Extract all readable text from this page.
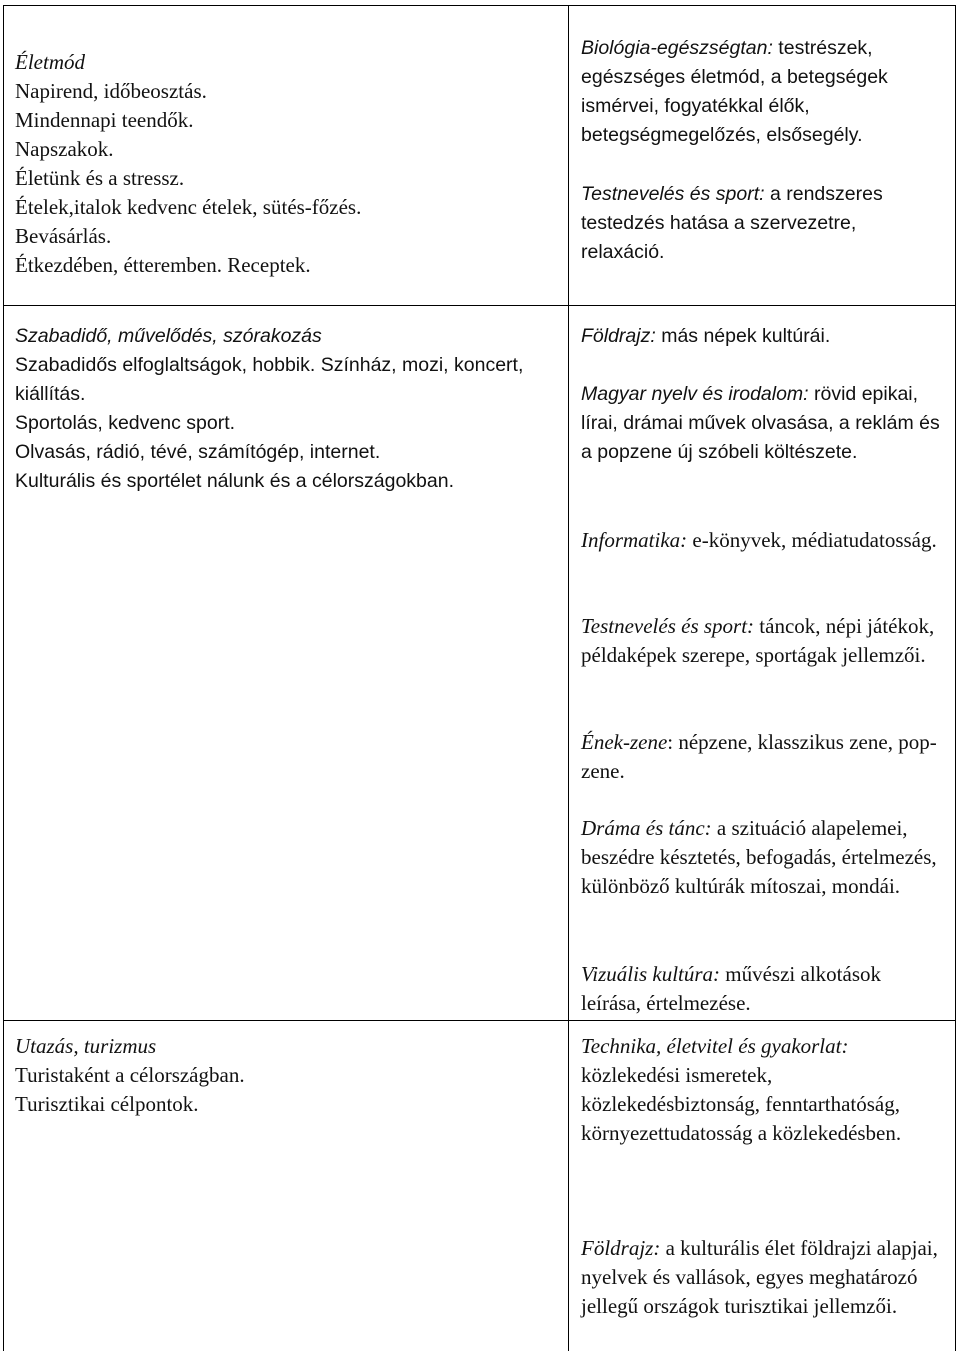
Életmód

Napirend, időbeosztás.

Mindennapi teendők.

Napszakok.

Életünk és a stressz.

Ételek,italok kedvenc ételek, sütés-főzés.

Bevásárlás.

Étkezdében, étteremben. Receptek.

Biológia-egészségtan: testrészek, egészséges életmód, a betegségek ismérvei, fogyatékkal élők, betegségmegelőzés, elsősegély.

Testnevelés és sport: a rendszeres testedzés hatása a szervezetre, relaxáció.

Szabadidő, művelődés, szórakozás

Szabadidős elfoglaltságok, hobbik. Színház, mozi, koncert, kiállítás.

Sportolás, kedvenc sport.

Olvasás, rádió, tévé, számítógép, internet.

Kulturális és sportélet nálunk és a célországokban.

Földrajz: más népek kultúrái.

Magyar nyelv és irodalom: rövid epikai, lírai, drámai művek olvasása, a reklám és a popzene új szóbeli költészete.

Informatika: e-könyvek, médiatudatosság.

Testnevelés és sport: táncok, népi játékok, példaképek szerepe, sportágak jellemzői.

Ének-zene: népzene, klasszikus zene, pop- zene.

Dráma és tánc: a szituáció alapelemei, beszédre késztetés, befogadás, értelmezés, különböző kultúrák mítoszai, mondái.

Vizuális kultúra: művészi alkotások leírása, értelmezése.

Utazás, turizmus

Turistaként a célországban.

Turisztikai célpontok.

Technika, életvitel és gyakorlat: közlekedési ismeretek, közlekedésbiztonság, fenntarthatóság, környezettudatosság a közlekedésben.

Földrajz: a kulturális élet földrajzi alapjai, nyelvek és vallások, egyes meghatározó jellegű országok turisztikai jellemzői.
